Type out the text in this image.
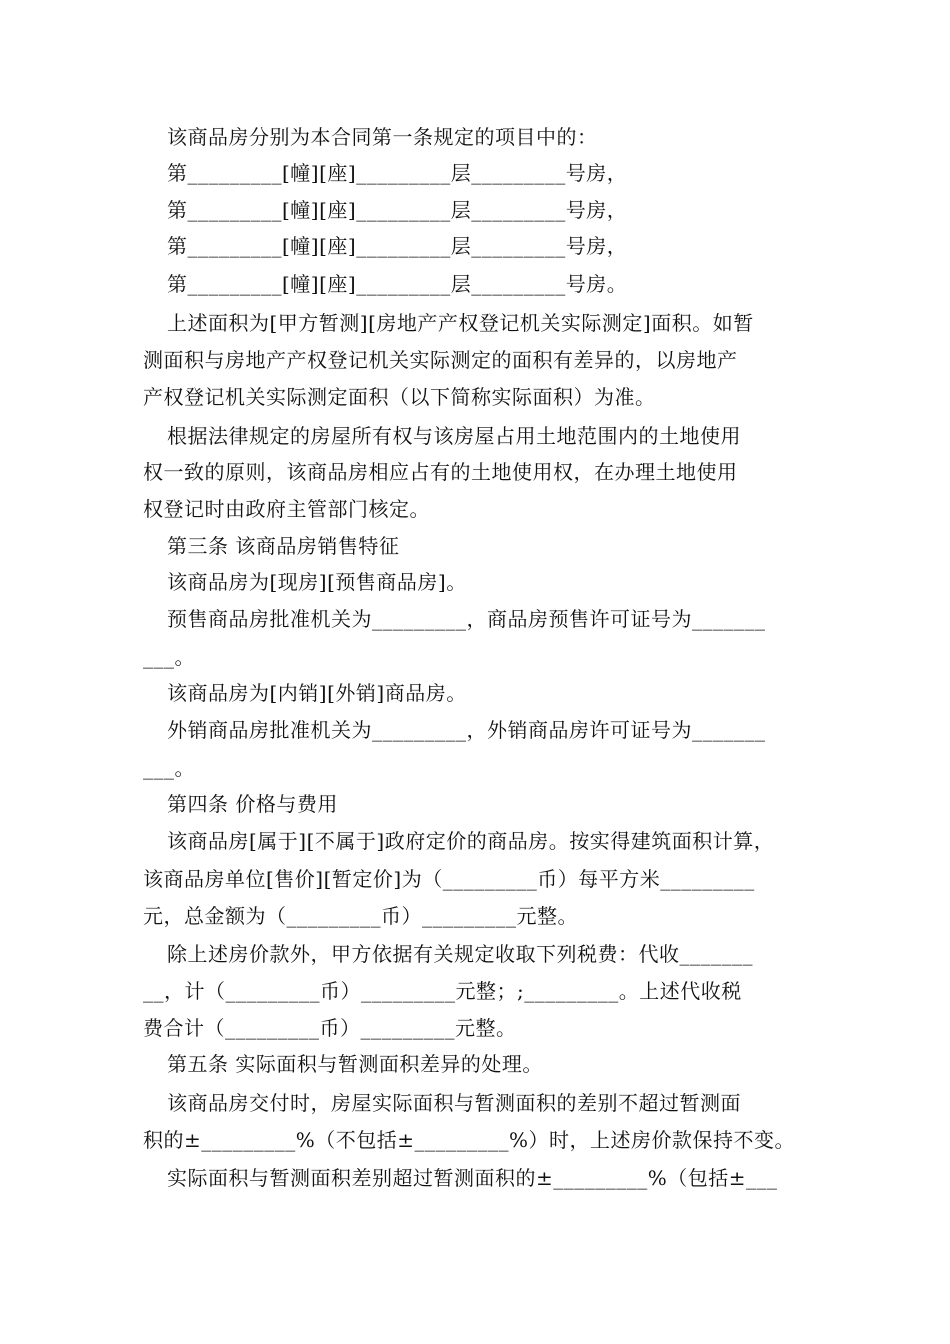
该商品房分别为本合同第一条规定的项目中的：
第_________[幢][座]_________层_________号房，
第_________[幢][座]_________层_________号房，
第_________[幢][座]_________层_________号房，
第_________[幢][座]_________层_________号房。
上述面积为[甲方暂测][房地产产权登记机关实际测定]面积。如暂
测面积与房地产产权登记机关实际测定的面积有差异的，以房地产
产权登记机关实际测定面积（以下简称实际面积）为准。
根据法律规定的房屋所有权与该房屋占用土地范围内的土地使用
权一致的原则，该商品房相应占有的土地使用权，在办理土地使用
权登记时由政府主管部门核定。
第三条 该商品房销售特征
该商品房为[现房][预售商品房]。
预售商品房批准机关为_________，商品房预售许可证号为_______
___。
该商品房为[内销][外销]商品房。
外销商品房批准机关为_________，外销商品房许可证号为_______
___。
第四条 价格与费用
该商品房[属于][不属于]政府定价的商品房。按实得建筑面积计算，
该商品房单位[售价][暂定价]为（_________币）每平方米_________
元，总金额为（_________币）_________元整。
除上述房价款外，甲方依据有关规定收取下列税费：代收_______
__，计（_________币）_________元整；;_________。上述代收税
费合计（_________币）_________元整。
第五条 实际面积与暂测面积差异的处理。
该商品房交付时，房屋实际面积与暂测面积的差别不超过暂测面
积的±_________%（不包括±_________%）时，上述房价款保持不变。
实际面积与暂测面积差别超过暂测面积的±_________%（包括±___
